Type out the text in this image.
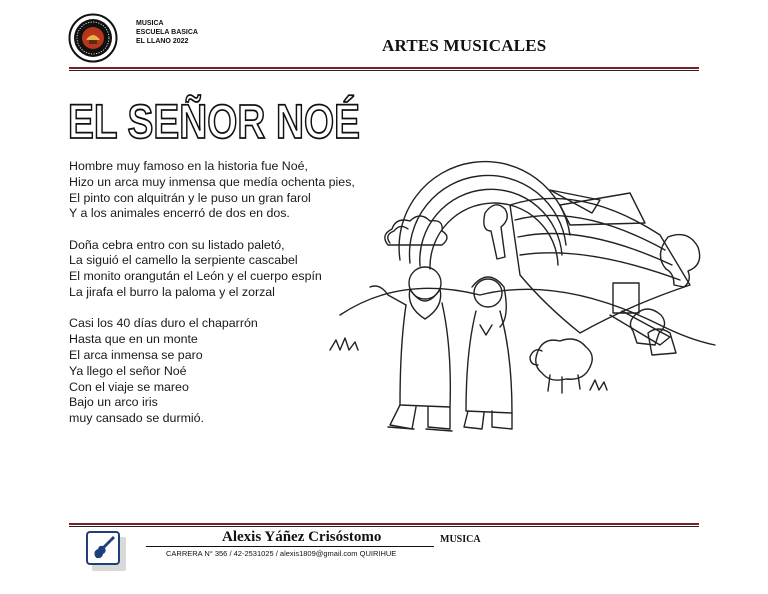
MUSICA
ESCUELA BASICA
EL LLANO 2022	ARTES MUSICALES
EL SEÑOR NOÉ
Hombre muy famoso en la historia fue Noé,
Hizo un arca muy inmensa que medía ochenta pies,
El pinto con alquitrán y le puso un gran farol
Y a los animales encerró de dos en dos.
Doña cebra entro con su listado paletó,
La siguió el camello la serpiente cascabel
El monito orangután el León y el cuerpo espín
La jirafa el burro la paloma y el zorzal
Casi los 40 días duro el chaparrón
Hasta que en un monte
El arca inmensa se paro
Ya llego el señor Noé
Con el viaje se mareo
Bajo un arco iris
muy cansado se durmió.
Alexis Yáñez Crisóstomo	MUSICA
CARRERA N° 356 / 42-2531025 / alexis1809@gmail.com QUIRIHUE
